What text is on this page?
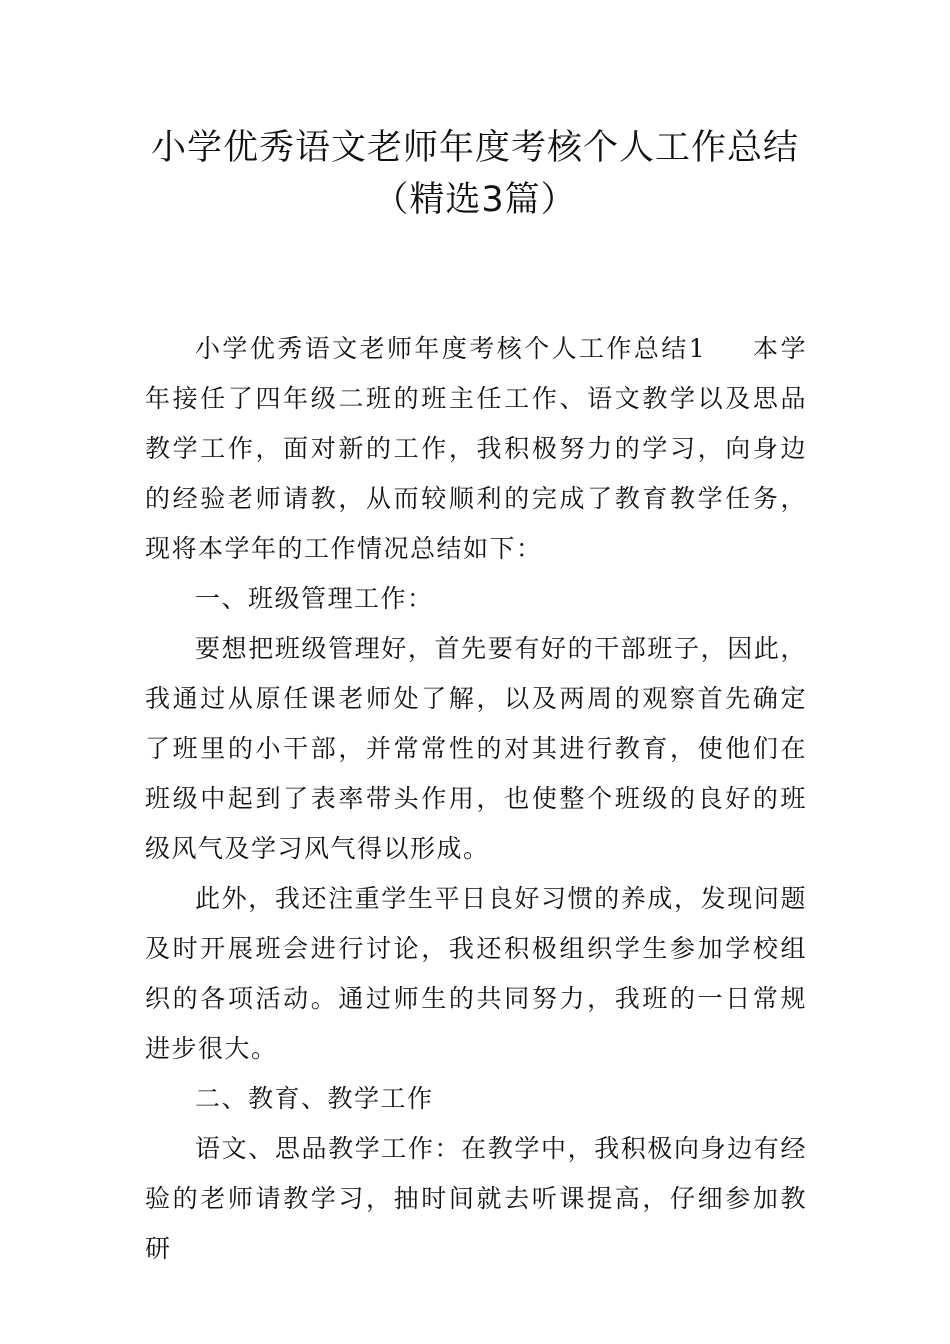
小学优秀语文老师年度考核个人工作总结
（精选3篇）

小学优秀语文老师年度考核个人工作总结1 本学年接任了四年级二班的班主任工作、语文教学以及思品教学工作，面对新的工作，我积极努力的学习，向身边的经验老师请教，从而较顺利的完成了教育教学任务，现将本学年的工作情况总结如下：

一、班级管理工作：

要想把班级管理好，首先要有好的干部班子，因此，我通过从原任课老师处了解，以及两周的观察首先确定了班里的小干部，并常常性的对其进行教育，使他们在班级中起到了表率带头作用，也使整个班级的良好的班级风气及学习风气得以形成。

此外，我还注重学生平日良好习惯的养成，发现问题及时开展班会进行讨论，我还积极组织学生参加学校组织的各项活动。通过师生的共同努力，我班的一日常规进步很大。

二、教育、教学工作

语文、思品教学工作：在教学中，我积极向身边有经验的老师请教学习，抽时间就去听课提高，仔细参加教研
